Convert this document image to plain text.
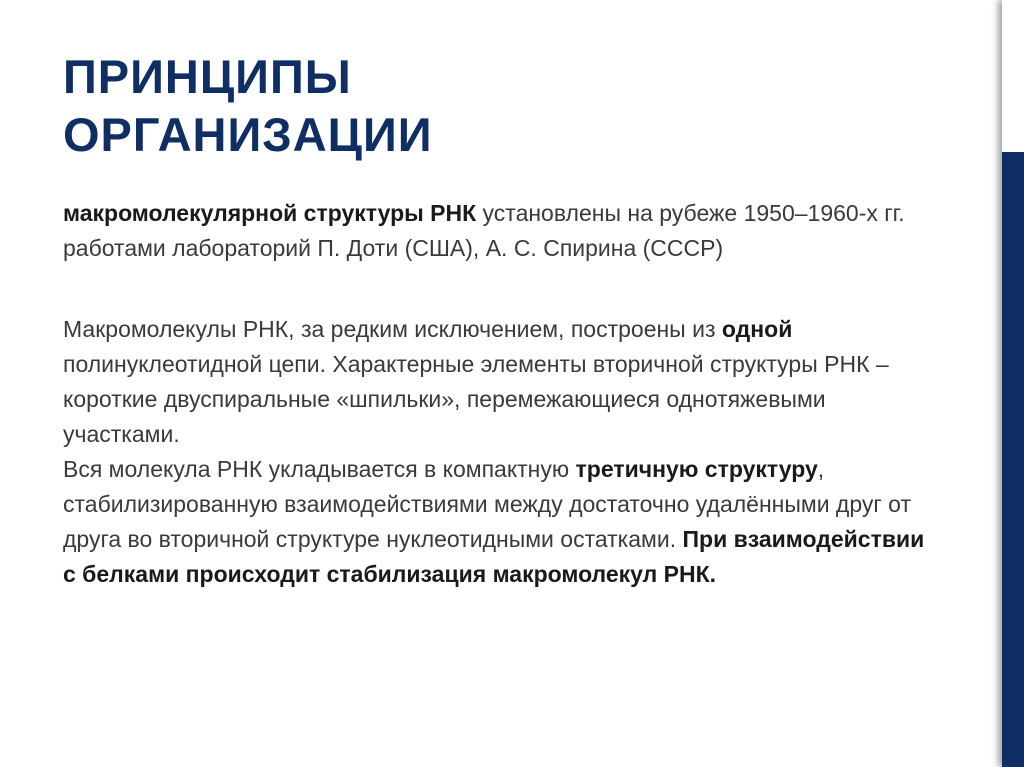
ПРИНЦИПЫ
ОРГАНИЗАЦИИ
макромолекулярной структуры РНК установлены на рубеже 1950–1960-х гг. работами лабораторий П. Доти (США), А. С. Спирина (СССР)
Макромолекулы РНК, за редким исключением, построены из одной полинуклеотидной цепи. Характерные элементы вторичной структуры РНК – короткие двуспиральные «шпильки», перемежающиеся однотяжевыми участками.
Вся молекула РНК укладывается в компактную третичную структуру, стабилизированную взаимодействиями между достаточно удалёнными друг от друга во вторичной структуре нуклеотидными остатками. При взаимодействии с белками происходит стабилизация макромолекул РНК.
